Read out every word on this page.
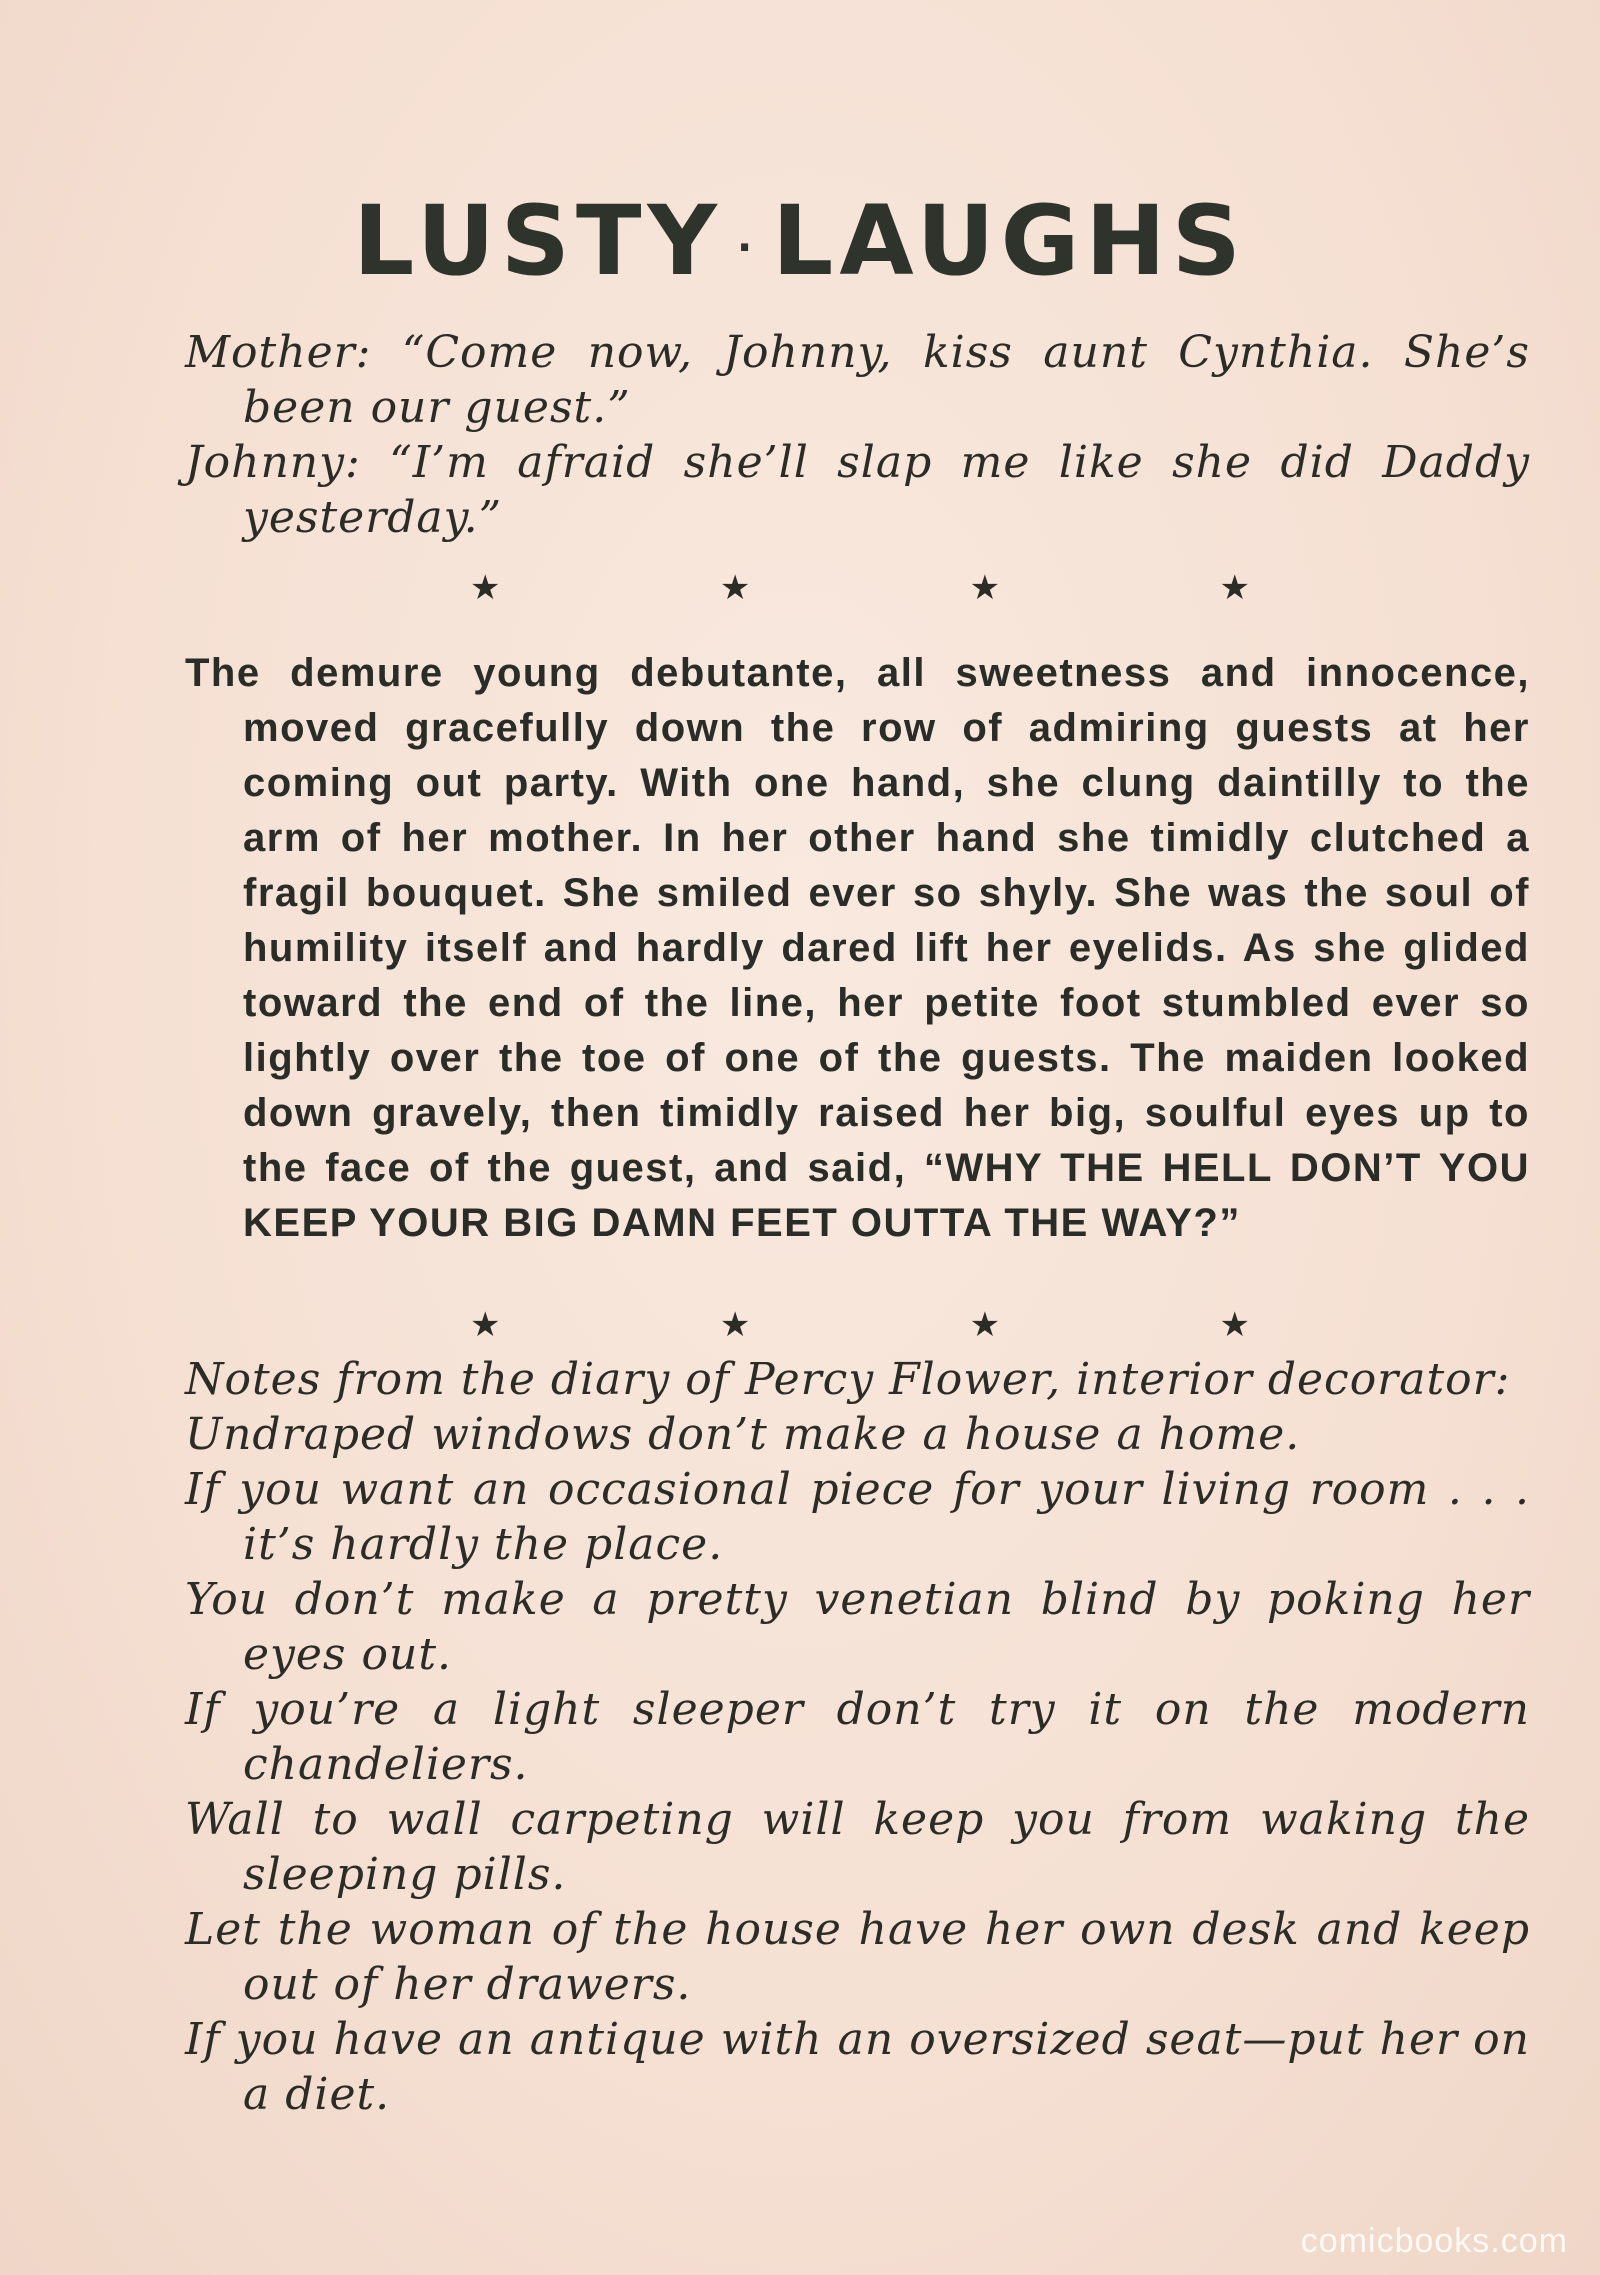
LUSTY · LAUGHS

Mother: “Come now, Johnny, kiss aunt Cynthia. She’s been our guest.”

Johnny: “I’m afraid she’ll slap me like she did Daddy yesterday.”

★	★	★	★

The demure young debutante, all sweetness and innocence, moved gracefully down the row of admiring guests at her coming out party. With one hand, she clung daintilly to the arm of her mother. In her other hand she timidly clutched a fragil bouquet. She smiled ever so shyly. She was the soul of humility itself and hardly dared lift her eyelids. As she glided toward the end of the line, her petite foot stumbled ever so lightly over the toe of one of the guests. The maiden looked down gravely, then timidly raised her big, soulful eyes up to the face of the guest, and said, “WHY THE HELL DON’T YOU KEEP YOUR BIG DAMN FEET OUTTA THE WAY?”

★	★	★	★

Notes from the diary of Percy Flower, interior decorator:

Undraped windows don’t make a house a home.

If you want an occasional piece for your living room . . . it’s hardly the place.

You don’t make a pretty venetian blind by poking her eyes out.

If you’re a light sleeper don’t try it on the modern chandeliers.

Wall to wall carpeting will keep you from waking the sleeping pills.

Let the woman of the house have her own desk and keep out of her drawers.

If you have an antique with an oversized seat—put her on a diet.

comicbooks.com
